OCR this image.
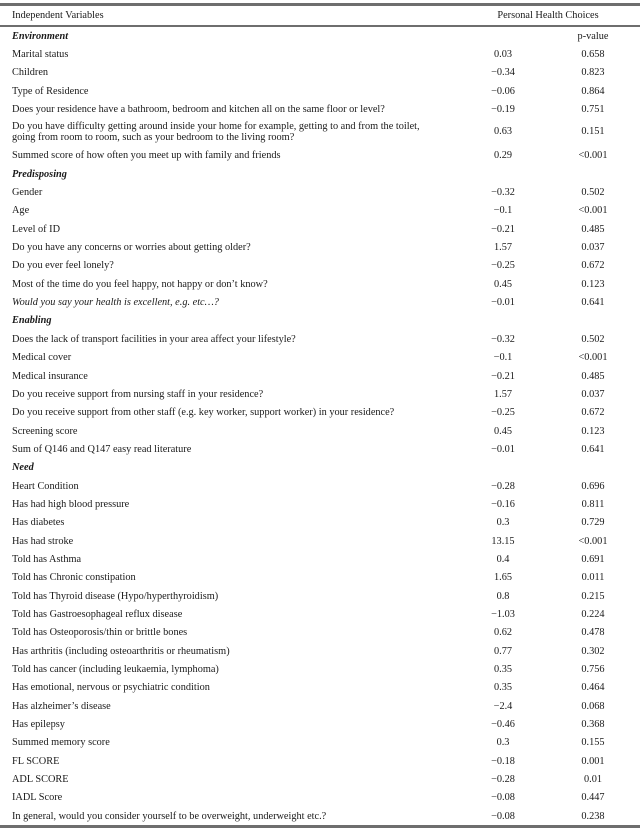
Independent Variables	Personal Health Choices
Environment	p-value
Marital status	0.03	0.658
Children	−0.34	0.823
Type of Residence	−0.06	0.864
Does your residence have a bathroom, bedroom and kitchen all on the same floor or level?	−0.19	0.751
Do you have difficulty getting around inside your home for example, getting to and from the toilet,
going from room to room, such as your bedroom to the living room?	0.63	0.151
Summed score of how often you meet up with family and friends	0.29	<0.001
Predisposing
Gender	−0.32	0.502
Age	−0.1	<0.001
Level of ID	−0.21	0.485
Do you have any concerns or worries about getting older?	1.57	0.037
Do you ever feel lonely?	−0.25	0.672
Most of the time do you feel happy, not happy or don’t know?	0.45	0.123
Would you say your health is excellent, e.g. etc…?	−0.01	0.641
Enabling
Does the lack of transport facilities in your area affect your lifestyle?	−0.32	0.502
Medical cover	−0.1	<0.001
Medical insurance	−0.21	0.485
Do you receive support from nursing staff in your residence?	1.57	0.037
Do you receive support from other staff (e.g. key worker, support worker) in your residence?	−0.25	0.672
Screening score	0.45	0.123
Sum of Q146 and Q147 easy read literature	−0.01	0.641
Need
Heart Condition	−0.28	0.696
Has had high blood pressure	−0.16	0.811
Has diabetes	0.3	0.729
Has had stroke	13.15	<0.001
Told has Asthma	0.4	0.691
Told has Chronic constipation	1.65	0.011
Told has Thyroid disease (Hypo/hyperthyroidism)	0.8	0.215
Told has Gastroesophageal reflux disease	−1.03	0.224
Told has Osteoporosis/thin or brittle bones	0.62	0.478
Has arthritis (including osteoarthritis or rheumatism)	0.77	0.302
Told has cancer (including leukaemia, lymphoma)	0.35	0.756
Has emotional, nervous or psychiatric condition	0.35	0.464
Has alzheimer’s disease	−2.4	0.068
Has epilepsy	−0.46	0.368
Summed memory score	0.3	0.155
FL SCORE	−0.18	0.001
ADL SCORE	−0.28	0.01
IADL Score	−0.08	0.447
In general, would you consider yourself to be overweight, underweight etc.?	−0.08	0.238
